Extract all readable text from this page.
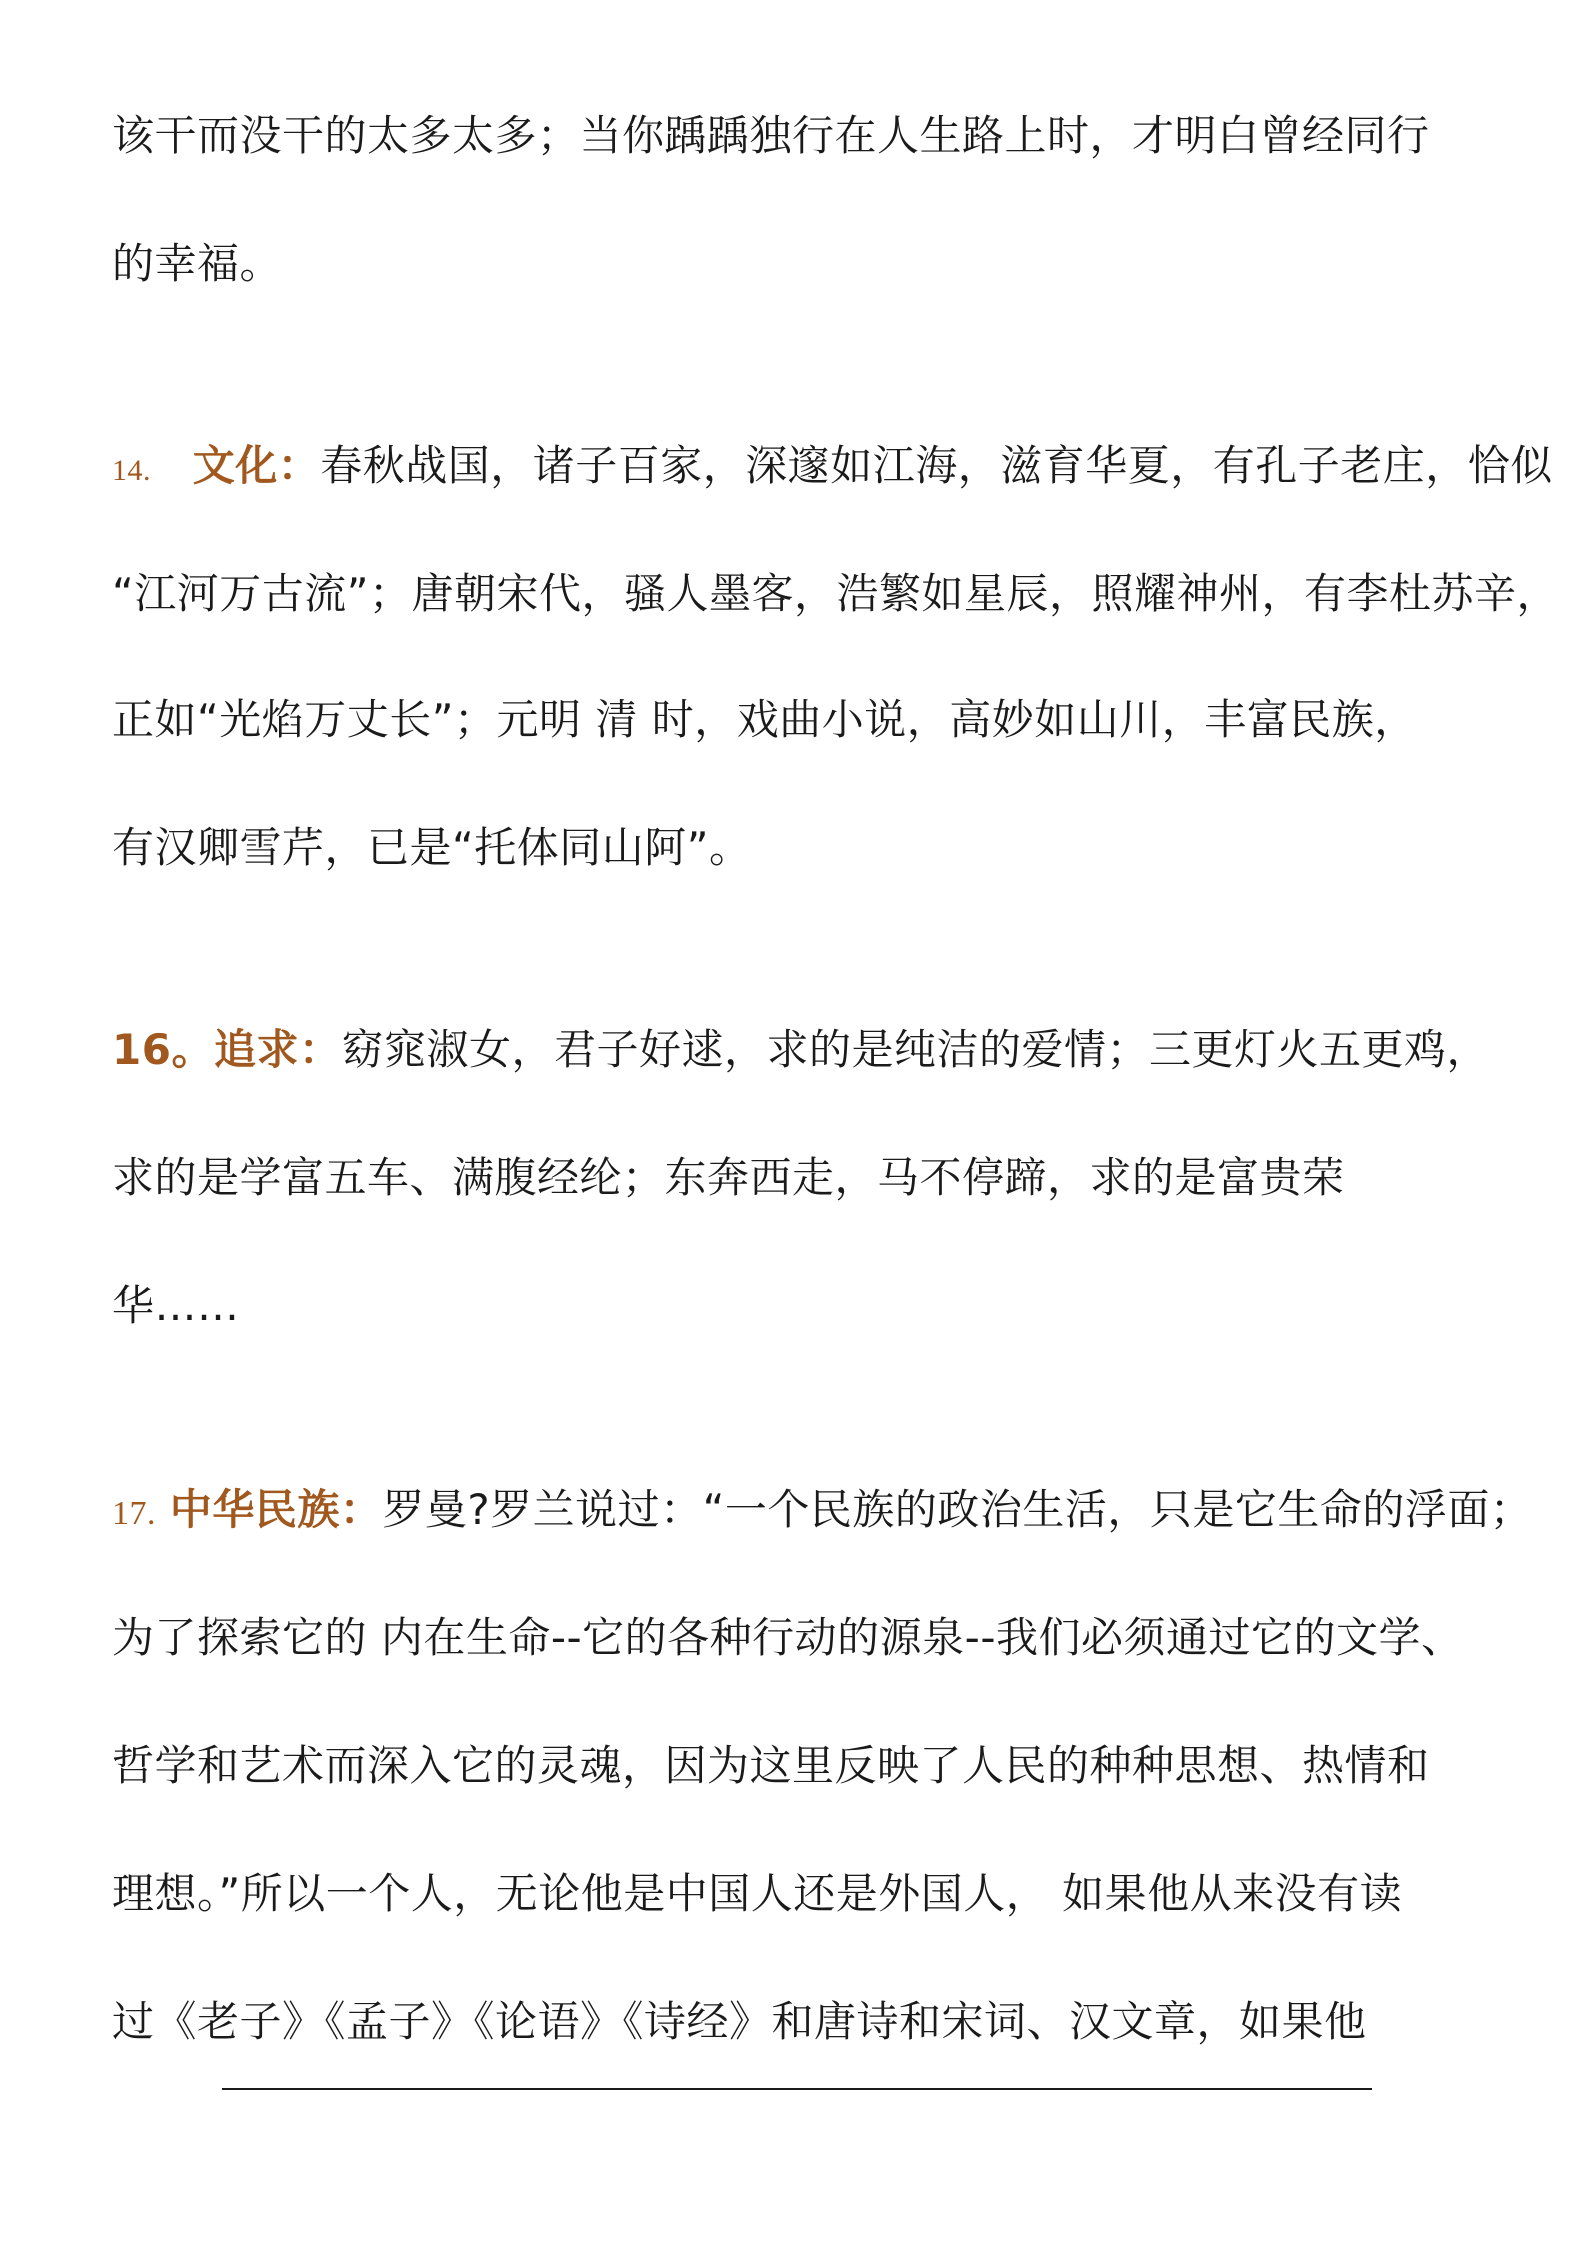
该干而没干的太多太多；当你踽踽独行在人生路上时，才明白曾经同行
的幸福。
14. 文化：春秋战国，诸子百家，深邃如江海，滋育华夏，有孔子老庄，恰似
“江河万古流”；唐朝宋代，骚人墨客，浩繁如星辰，照耀神州，有李杜苏辛，
正如“光焰万丈长”；元明 清 时，戏曲小说，高妙如山川，丰富民族，
有汉卿雪芹，已是“托体同山阿”。
16。追求：窈窕淑女，君子好逑，求的是纯洁的爱情；三更灯火五更鸡，
求的是学富五车、满腹经纶；东奔西走，马不停蹄，求的是富贵荣
华……
17. 中华民族：罗曼?罗兰说过：“一个民族的政治生活，只是它生命的浮面；
为了探索它的 内在生命--它的各种行动的源泉--我们必须通过它的文学、
哲学和艺术而深入它的灵魂，因为这里反映了人民的种种思想、热情和
理想。”所以一个人，无论他是中国人还是外国人， 如果他从来没有读
过《老子》《孟子》《论语》《诗经》和唐诗和宋词、汉文章，如果他
